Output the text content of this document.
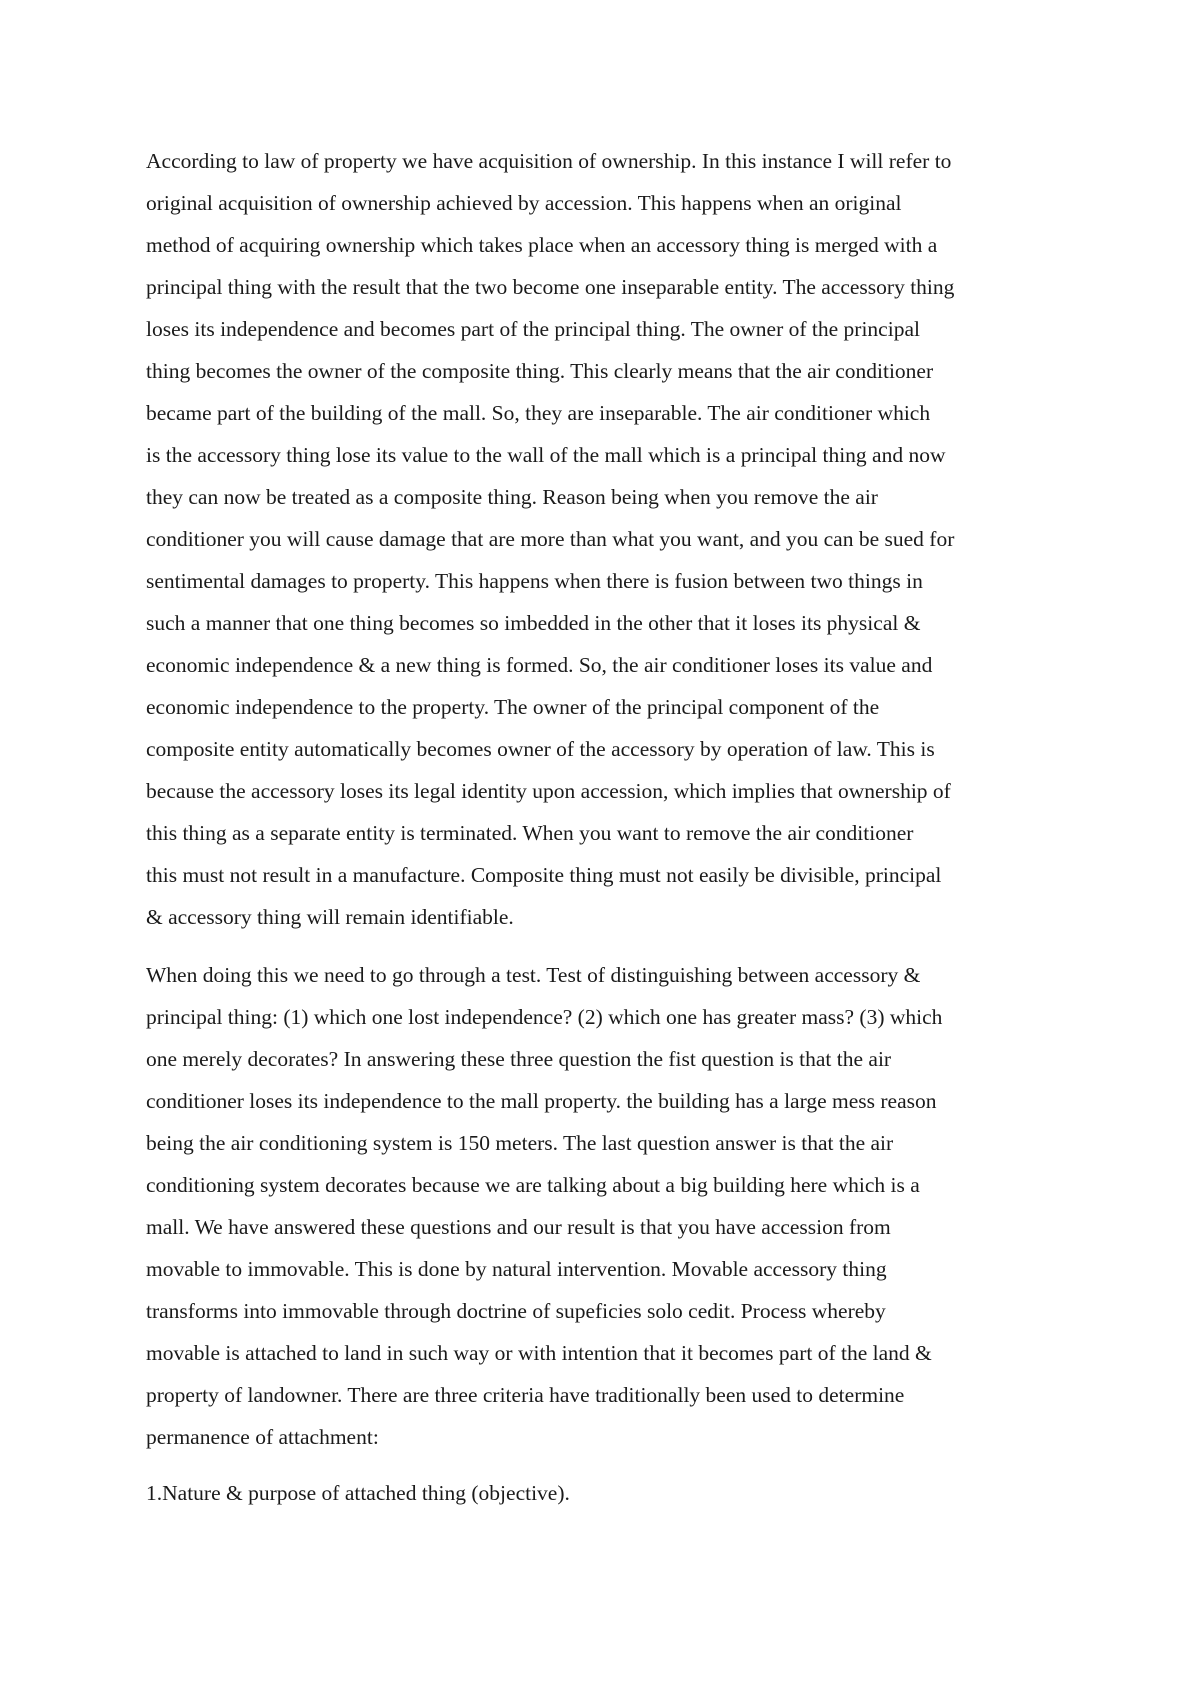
According to law of property we have acquisition of ownership. In this instance I will refer to
original acquisition of ownership achieved by accession. This happens when an original
method of acquiring ownership which takes place when an accessory thing is merged with a
principal thing with the result that the two become one inseparable entity. The accessory thing
loses its independence and becomes part of the principal thing. The owner of the principal
thing becomes the owner of the composite thing. This clearly means that the air conditioner
became part of the building of the mall. So, they are inseparable. The air conditioner which
is the accessory thing lose its value to the wall of the mall which is a principal thing and now
they can now be treated as a composite thing. Reason being when you remove the air
conditioner you will cause damage that are more than what you want, and you can be sued for
sentimental damages to property. This happens when there is fusion between two things in
such a manner that one thing becomes so imbedded in the other that it loses its physical &
economic independence & a new thing is formed. So, the air conditioner loses its value and
economic independence to the property. The owner of the principal component of the
composite entity automatically becomes owner of the accessory by operation of law. This is
because the accessory loses its legal identity upon accession, which implies that ownership of
this thing as a separate entity is terminated. When you want to remove the air conditioner
this must not result in a manufacture. Composite thing must not easily be divisible, principal
& accessory thing will remain identifiable.

When doing this we need to go through a test. Test of distinguishing between accessory &
principal thing: (1) which one lost independence? (2) which one has greater mass? (3) which
one merely decorates? In answering these three question the fist question is that the air
conditioner loses its independence to the mall property. the building has a large mess reason
being the air conditioning system is 150 meters. The last question answer is that the air
conditioning system decorates because we are talking about a big building here which is a
mall. We have answered these questions and our result is that you have accession from
movable to immovable. This is done by natural intervention. Movable accessory thing
transforms into immovable through doctrine of supeficies solo cedit. Process whereby
movable is attached to land in such way or with intention that it becomes part of the land &
property of landowner. There are three criteria have traditionally been used to determine
permanence of attachment:

1.Nature & purpose of attached thing (objective).
